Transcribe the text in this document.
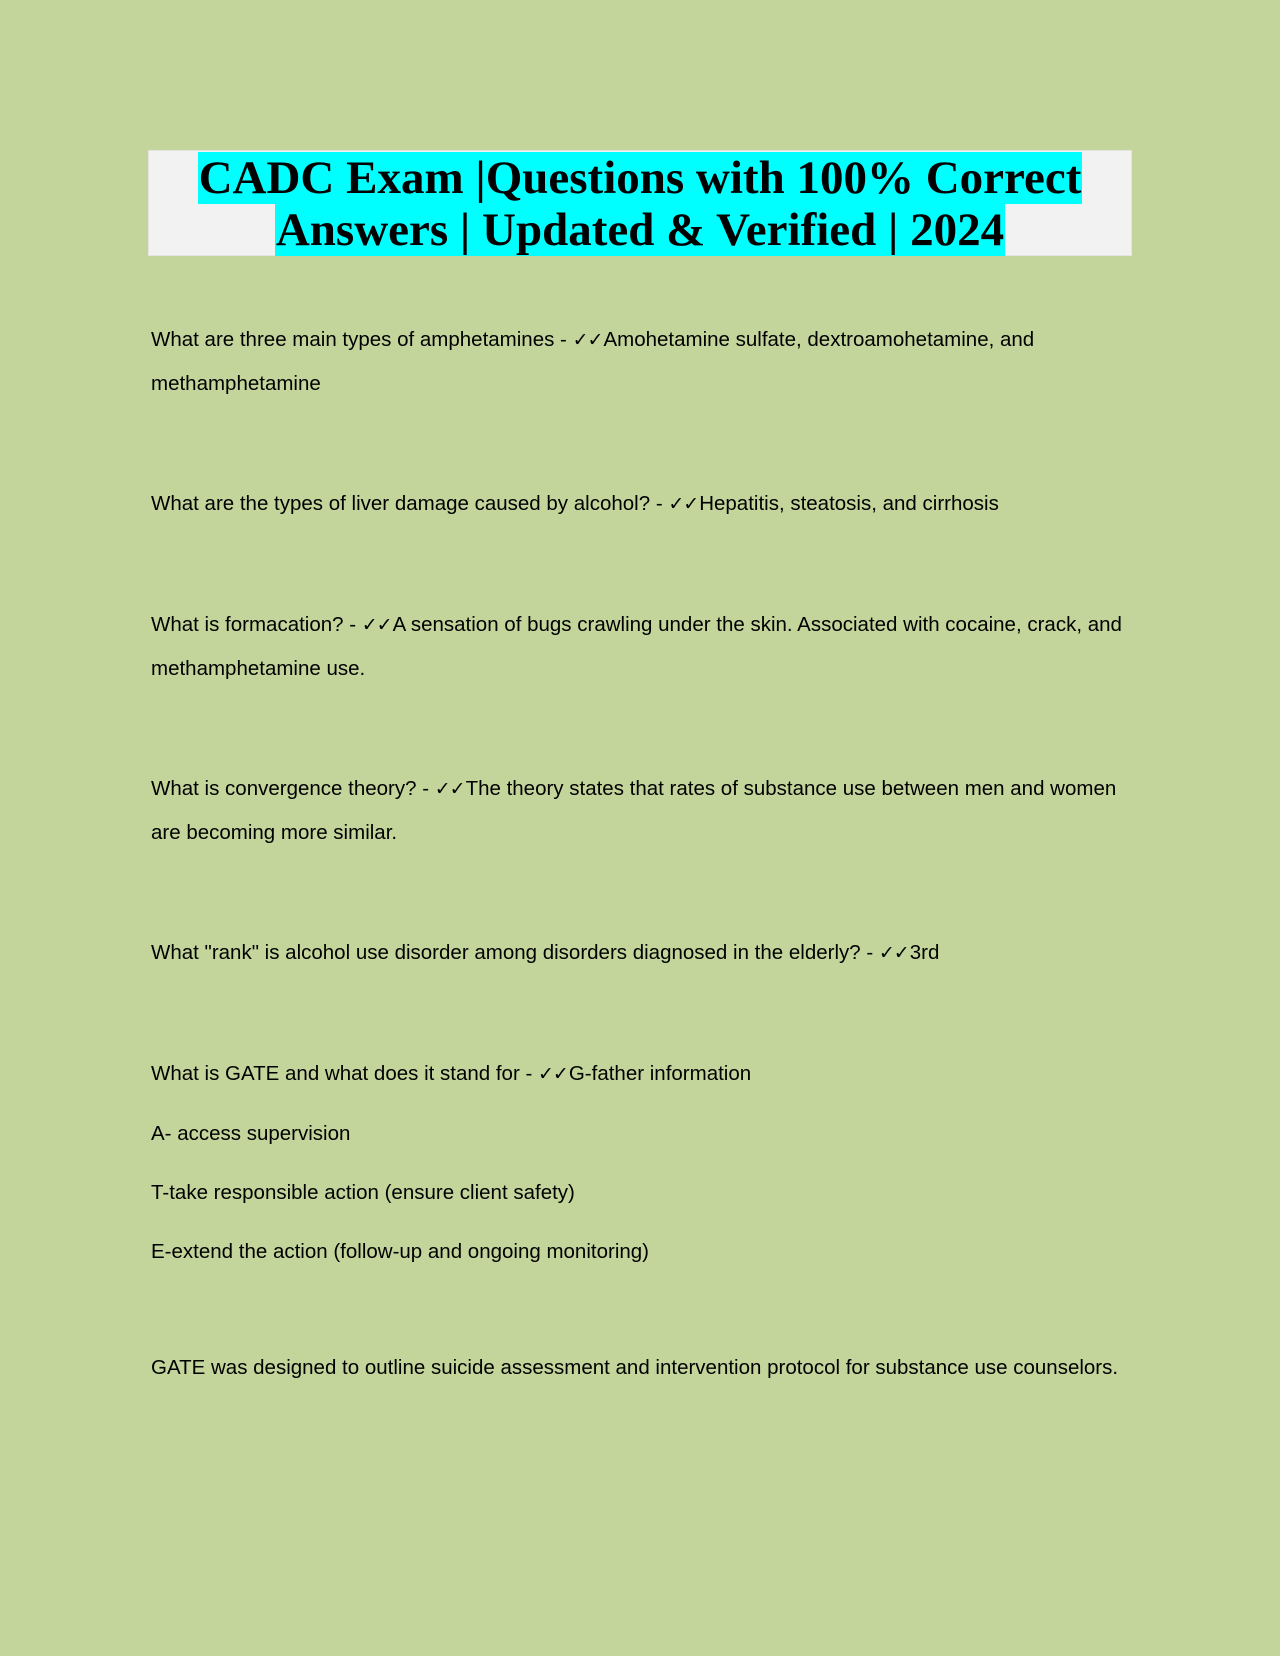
CADC Exam |Questions with 100% Correct
Answers | Updated & Verified | 2024
What are three main types of amphetamines - ✓✓Amohetamine sulfate, dextroamohetamine, and methamphetamine
What are the types of liver damage caused by alcohol? - ✓✓Hepatitis, steatosis, and cirrhosis
What is formacation? - ✓✓A sensation of bugs crawling under the skin. Associated with cocaine, crack, and methamphetamine use.
What is convergence theory? - ✓✓The theory states that rates of substance use between men and women are becoming more similar.
What "rank" is alcohol use disorder among disorders diagnosed in the elderly? - ✓✓3rd
What is GATE and what does it stand for - ✓✓G-father information
A- access supervision
T-take responsible action (ensure client safety)
E-extend the action (follow-up and ongoing monitoring)
GATE was designed to outline suicide assessment and intervention protocol for substance use counselors.
